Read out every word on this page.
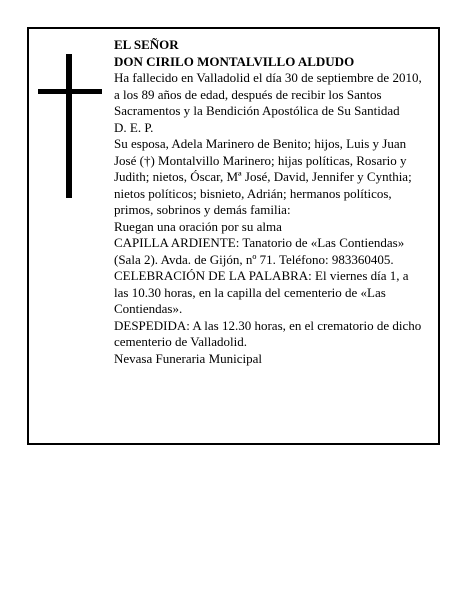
EL SEÑOR

DON CIRILO MONTALVILLO ALDUDO

Ha fallecido en Valladolid el día 30 de septiembre de 2010, a los 89 años de edad, después de recibir los Santos Sacramentos y la Bendición Apostólica de Su Santidad

D. E. P.

Su esposa, Adela Marinero de Benito; hijos, Luis y Juan José (†) Montalvillo Marinero; hijas políticas, Rosario y Judith; nietos, Óscar, Mª José, David, Jennifer y Cynthia; nietos políticos; bisnieto, Adrián; hermanos políticos, primos, sobrinos y demás familia:

Ruegan una oración por su alma

CAPILLA ARDIENTE: Tanatorio de «Las Contiendas» (Sala 2). Avda. de Gijón, nº 71. Teléfono: 983360405.

CELEBRACIÓN DE LA PALABRA: El viernes día 1, a las 10.30 horas, en la capilla del cementerio de «Las Contiendas».

DESPEDIDA: A las 12.30 horas, en el crematorio de dicho cementerio de Valladolid.

Nevasa Funeraria Municipal
